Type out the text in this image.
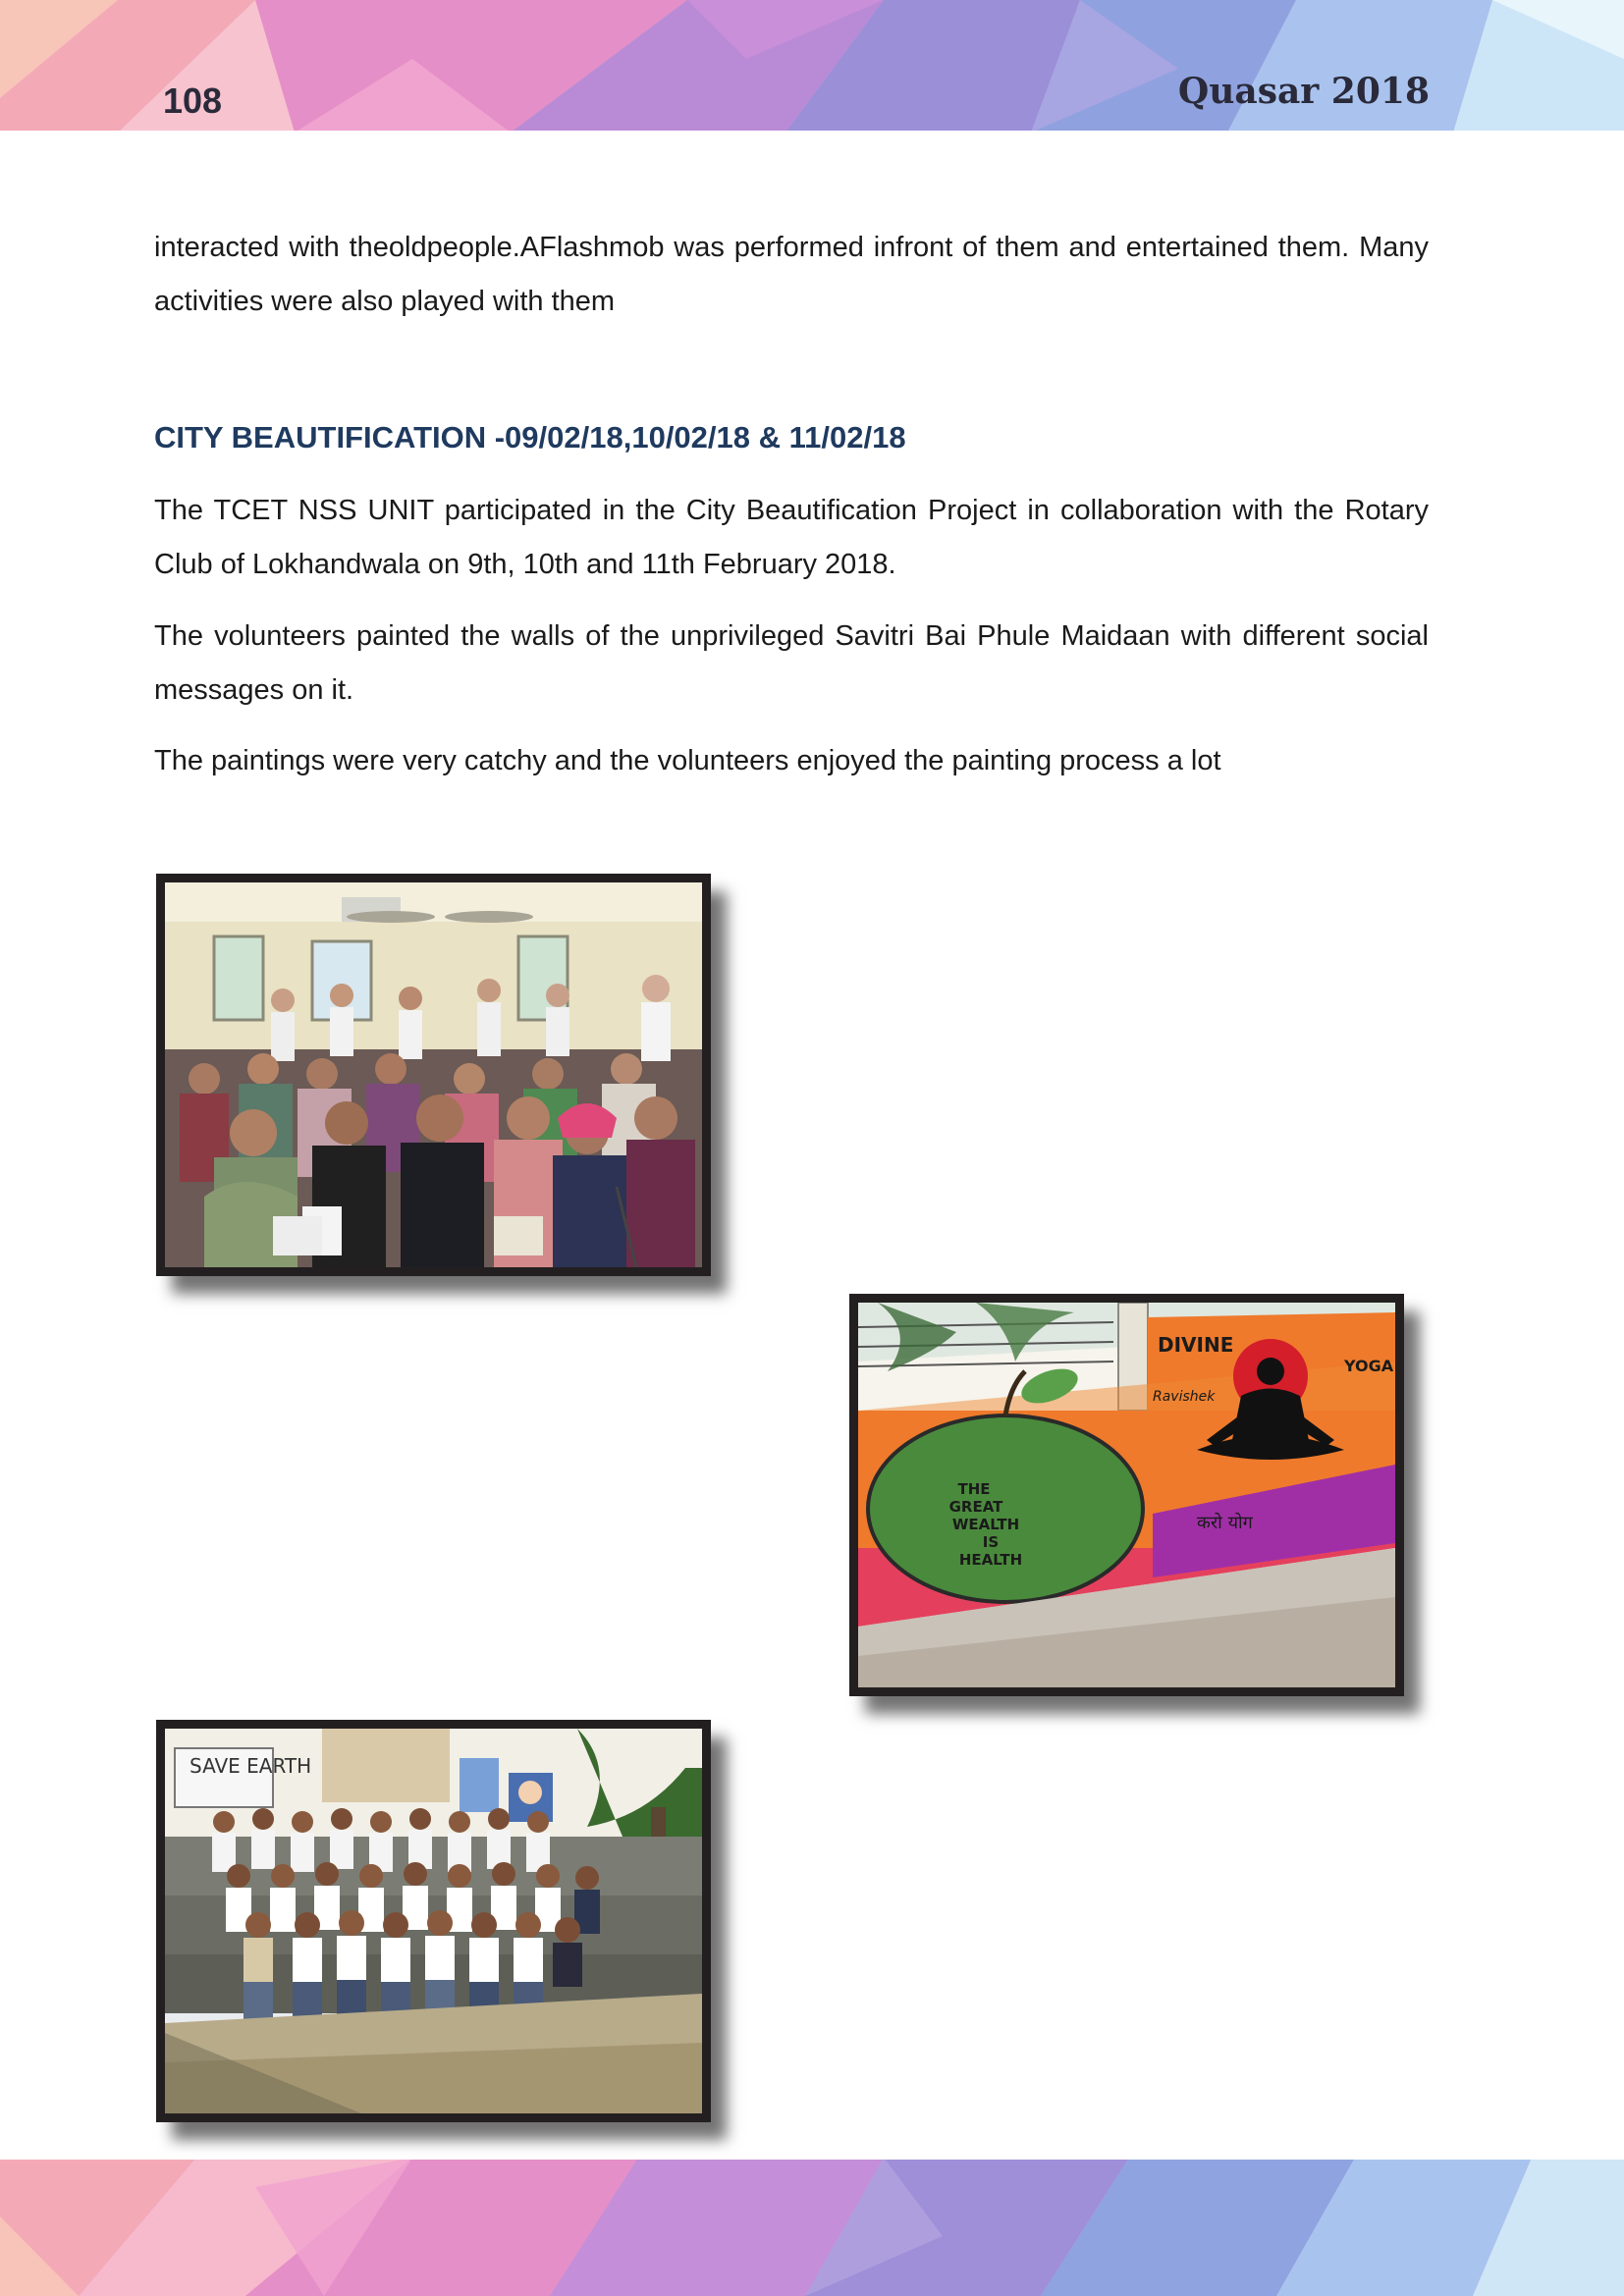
108	Quasar 2018

interacted with theoldpeople.AFlashmob was performed infront of them and entertained them. Many activities were also played with them

CITY BEAUTIFICATION -09/02/18,10/02/18 & 11/02/18

The TCET NSS UNIT participated in the City Beautification Project in collaboration with the Rotary Club of Lokhandwala on 9th, 10th and 11th February 2018.

The volunteers painted the walls of the unprivileged Savitri Bai Phule Maidaan with different social messages on it.

The paintings were very catchy and the volunteers enjoyed the painting process a lot

THE
GREAT
WEALTH
IS
HEALTH
DIVINE
YOGA
Ravishek
करो योग
SAVE EARTH
